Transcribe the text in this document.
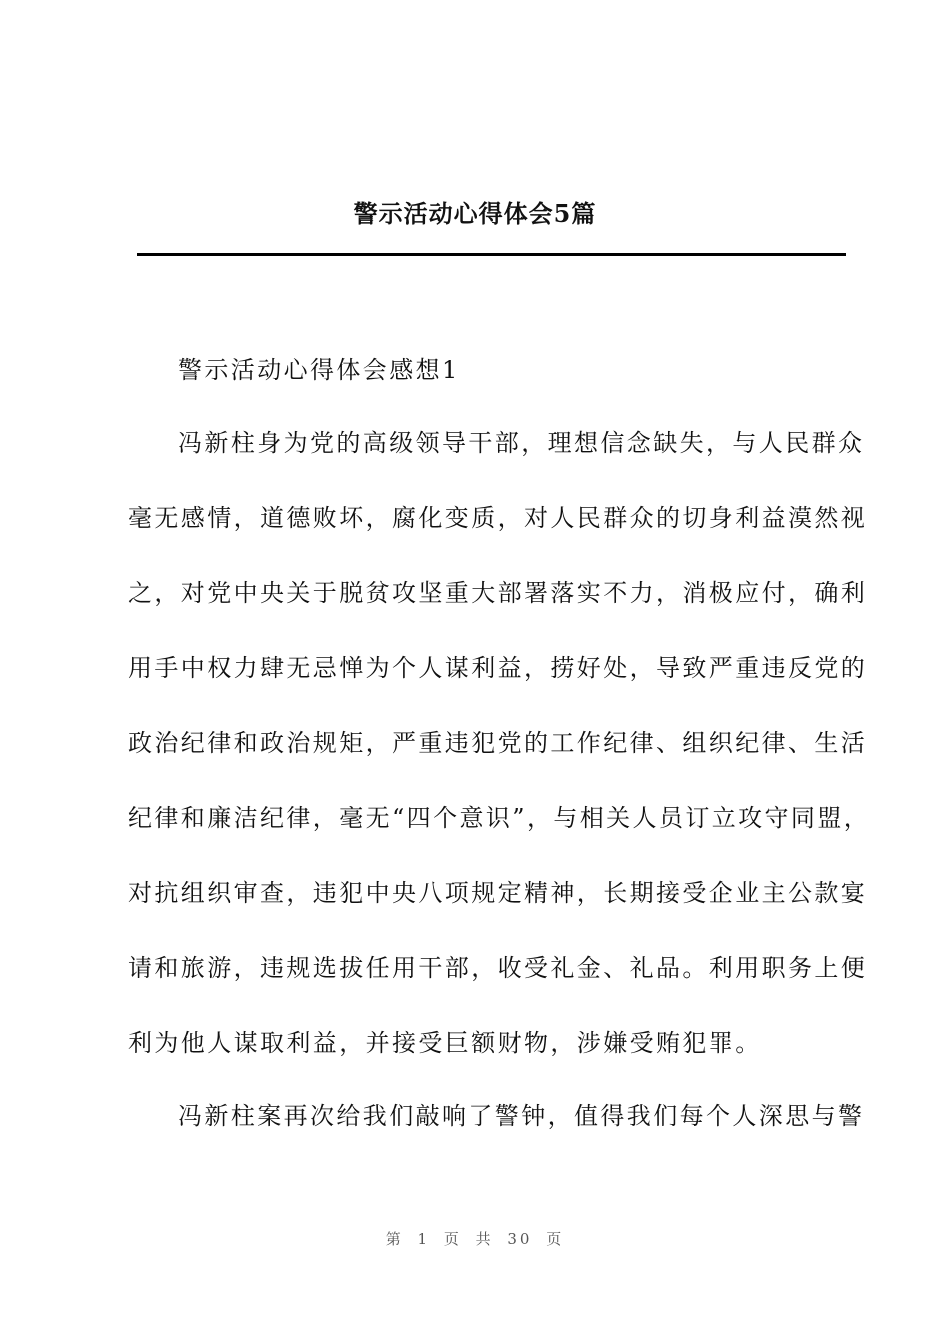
警示活动心得体会5篇

警示活动心得体会感想1

冯新柱身为党的高级领导干部，理想信念缺失，与人民群众

毫无感情，道德败坏，腐化变质，对人民群众的切身利益漠然视

之，对党中央关于脱贫攻坚重大部署落实不力，消极应付，确利

用手中权力肆无忌惮为个人谋利益，捞好处，导致严重违反党的

政治纪律和政治规矩，严重违犯党的工作纪律、组织纪律、生活

纪律和廉洁纪律，毫无“四个意识”，与相关人员订立攻守同盟，

对抗组织审查，违犯中央八项规定精神，长期接受企业主公款宴

请和旅游，违规选拔任用干部，收受礼金、礼品。利用职务上便

利为他人谋取利益，并接受巨额财物，涉嫌受贿犯罪。

冯新柱案再次给我们敲响了警钟，值得我们每个人深思与警

第 1 页 共 30 页
